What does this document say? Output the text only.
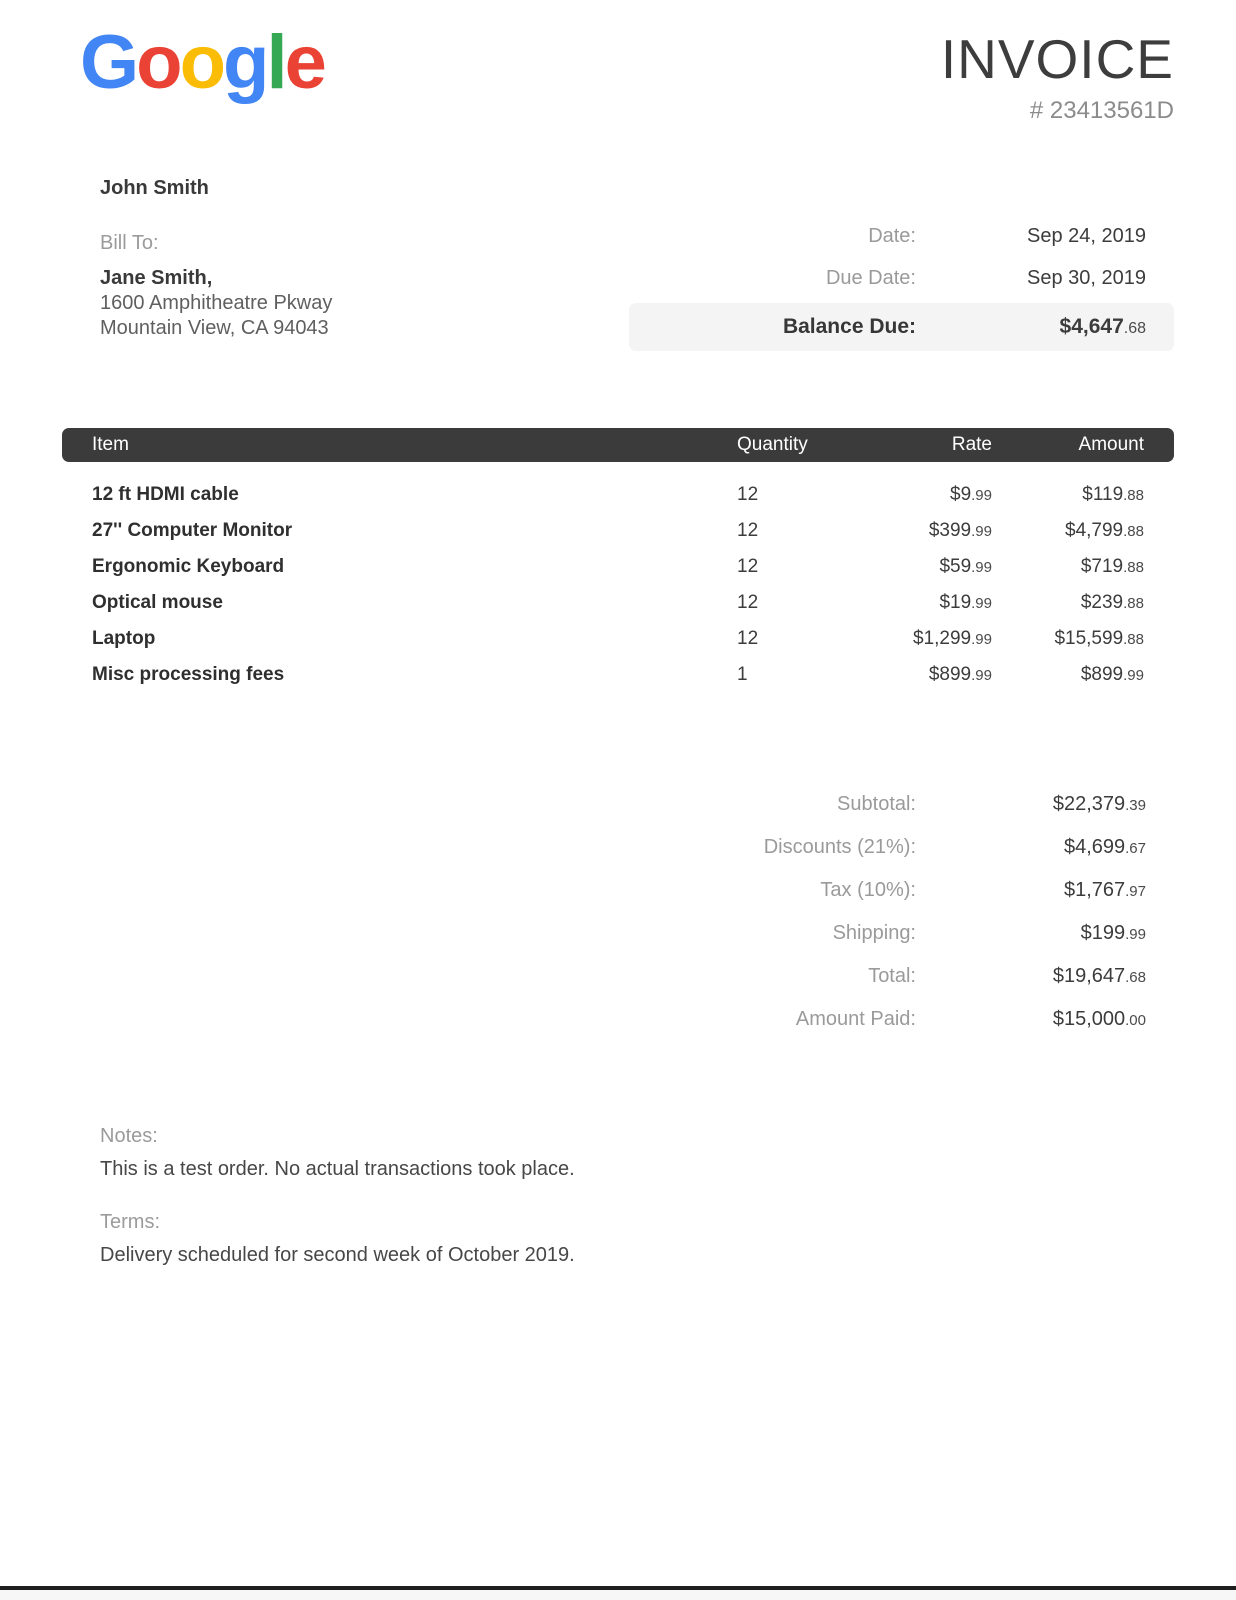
Google	INVOICE
# 23413561D
John Smith
Bill To:
Jane Smith,
1600 Amphitheatre Pkway
Mountain View, CA 94043
Date:	Sep 24, 2019
Due Date:	Sep 30, 2019
Balance Due:	$4,647.68
Item	Quantity	Rate	Amount
12 ft HDMI cable	12	$9.99	$119.88
27'' Computer Monitor	12	$399.99	$4,799.88
Ergonomic Keyboard	12	$59.99	$719.88
Optical mouse	12	$19.99	$239.88
Laptop	12	$1,299.99	$15,599.88
Misc processing fees	1	$899.99	$899.99
Subtotal:	$22,379.39
Discounts (21%):	$4,699.67
Tax (10%):	$1,767.97
Shipping:	$199.99
Total:	$19,647.68
Amount Paid:	$15,000.00
Notes:
This is a test order. No actual transactions took place.
Terms:
Delivery scheduled for second week of October 2019.
